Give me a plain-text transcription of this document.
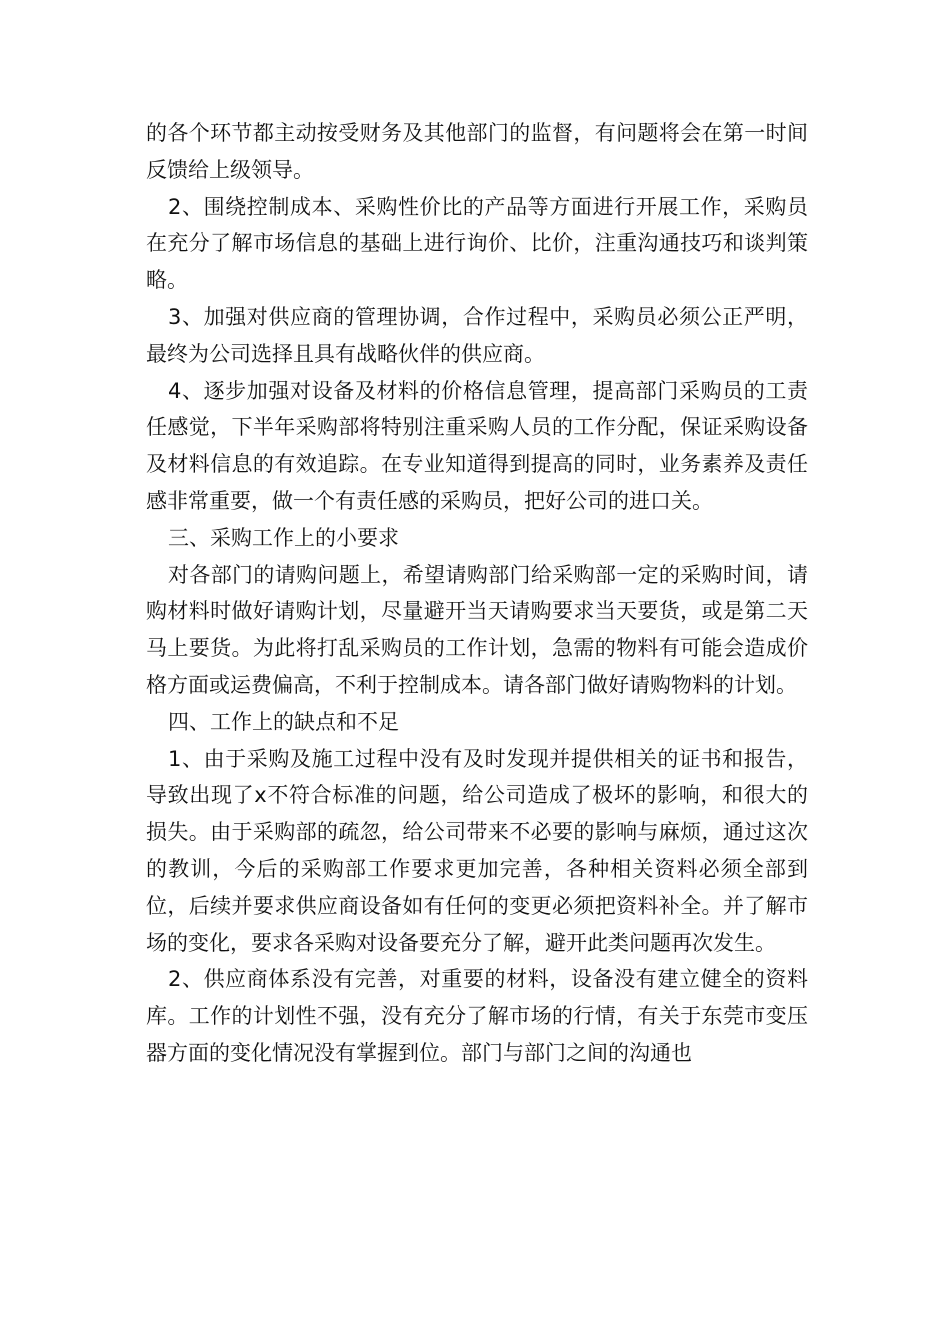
的各个环节都主动按受财务及其他部门的监督，有问题将会在第一时间反馈给上级领导。

2、围绕控制成本、采购性价比的产品等方面进行开展工作，采购员在充分了解市场信息的基础上进行询价、比价，注重沟通技巧和谈判策略。

3、加强对供应商的管理协调，合作过程中，采购员必须公正严明，最终为公司选择且具有战略伙伴的供应商。

4、逐步加强对设备及材料的价格信息管理，提高部门采购员的工责任感觉，下半年采购部将特别注重采购人员的工作分配，保证采购设备及材料信息的有效追踪。在专业知道得到提高的同时，业务素养及责任感非常重要，做一个有责任感的采购员，把好公司的进口关。

三、采购工作上的小要求

对各部门的请购问题上，希望请购部门给采购部一定的采购时间，请购材料时做好请购计划，尽量避开当天请购要求当天要货，或是第二天马上要货。为此将打乱采购员的工作计划，急需的物料有可能会造成价格方面或运费偏高，不利于控制成本。请各部门做好请购物料的计划。

四、工作上的缺点和不足

1、由于采购及施工过程中没有及时发现并提供相关的证书和报告，导致出现了x不符合标准的问题，给公司造成了极坏的影响，和很大的损失。由于采购部的疏忽，给公司带来不必要的影响与麻烦，通过这次的教训，今后的采购部工作要求更加完善，各种相关资料必须全部到位，后续并要求供应商设备如有任何的变更必须把资料补全。并了解市场的变化，要求各采购对设备要充分了解，避开此类问题再次发生。

2、供应商体系没有完善，对重要的材料，设备没有建立健全的资料库。工作的计划性不强，没有充分了解市场的行情，有关于东莞市变压器方面的变化情况没有掌握到位。部门与部门之间的沟通也
